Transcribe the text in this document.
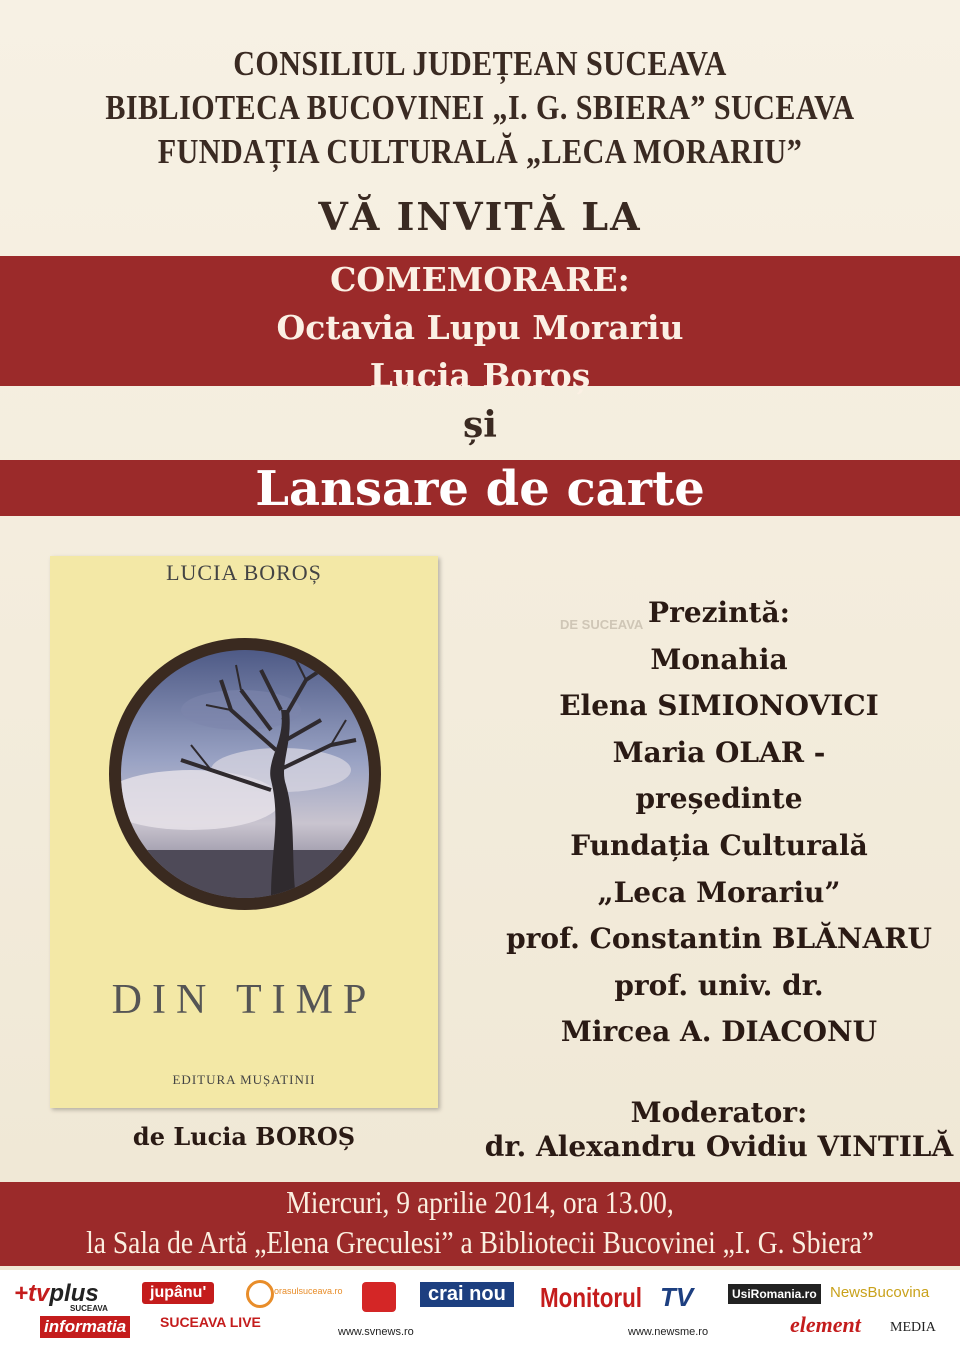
CONSILIUL JUDEȚEAN SUCEAVA
BIBLIOTECA BUCOVINEI „I. G. SBIERA” SUCEAVA
FUNDAȚIA CULTURALĂ „LECA MORARIU”
VĂ INVITĂ LA
COMEMORARE:
Octavia Lupu Morariu
Lucia Boroș
și
Lansare de carte
LUCIA BOROȘ
DIN TIMP
EDITURA MUȘATINII
de Lucia BOROȘ
DE SUCEAVA Prezintă:
Monahia
Elena SIMIONOVICI
Maria OLAR -
președinte
Fundația Culturală
„Leca Morariu”
prof. Constantin BLĂNARU
prof. univ. dr.
Mircea A. DIACONU
Moderator:
dr. Alexandru Ovidiu VINTILĂ
Miercuri, 9 aprilie 2014, ora 13.00,
la Sala de Artă „Elena Greculesi” a Bibliotecii Bucovinei „I. G. Sbiera”
+tvplus
SUCEAVA
informatia
jupânu'
SUCEAVA LIVE
orasulsuceava.ro
www.svnews.ro
crai nou Monitorul
www.newsme.ro
TV	UsiRomania.ro NewsBucovina
element MEDIA
